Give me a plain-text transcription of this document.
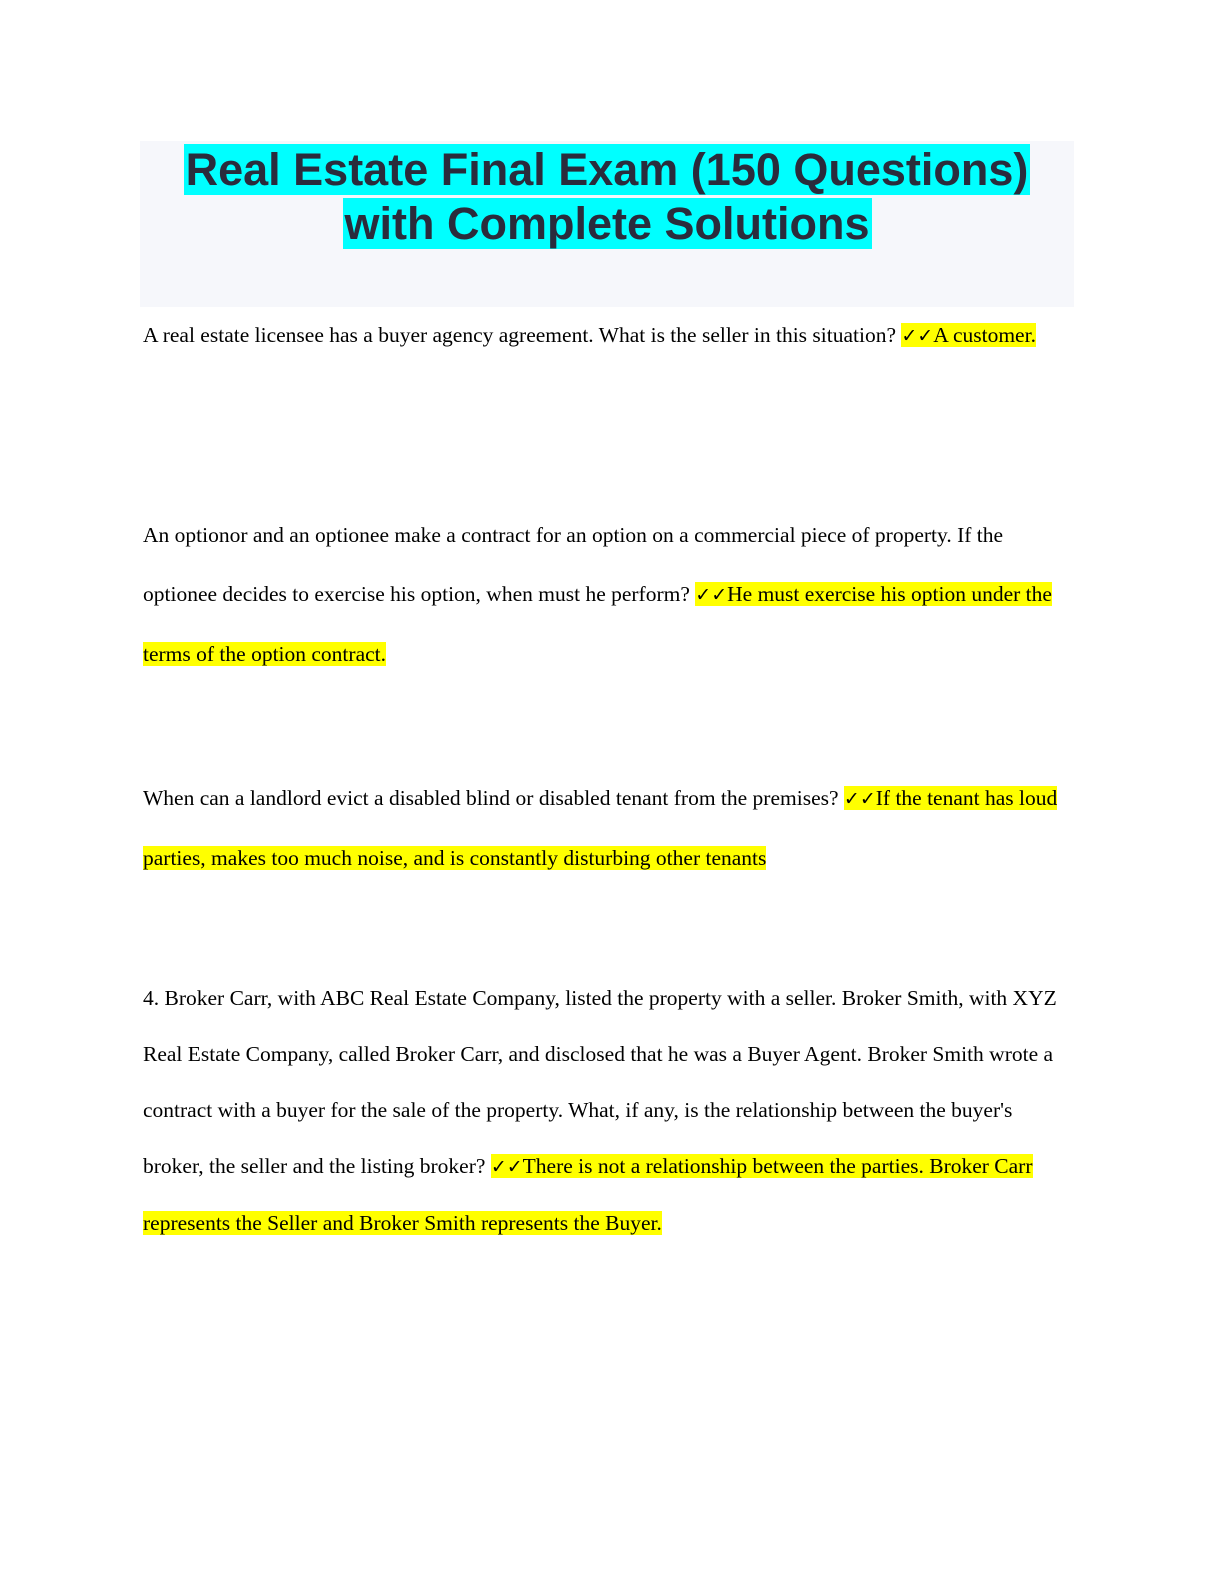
Real Estate Final Exam (150 Questions)
with Complete Solutions

A real estate licensee has a buyer agency agreement. What is the seller in this situation? ✓✓A customer.

An optionor and an optionee make a contract for an option on a commercial piece of property. If the optionee decides to exercise his option, when must he perform? ✓✓He must exercise his option under the terms of the option contract.

When can a landlord evict a disabled blind or disabled tenant from the premises? ✓✓If the tenant has loud parties, makes too much noise, and is constantly disturbing other tenants

4. Broker Carr, with ABC Real Estate Company, listed the property with a seller. Broker Smith, with XYZ Real Estate Company, called Broker Carr, and disclosed that he was a Buyer Agent. Broker Smith wrote a contract with a buyer for the sale of the property. What, if any, is the relationship between the buyer's broker, the seller and the listing broker? ✓✓There is not a relationship between the parties. Broker Carr represents the Seller and Broker Smith represents the Buyer.
